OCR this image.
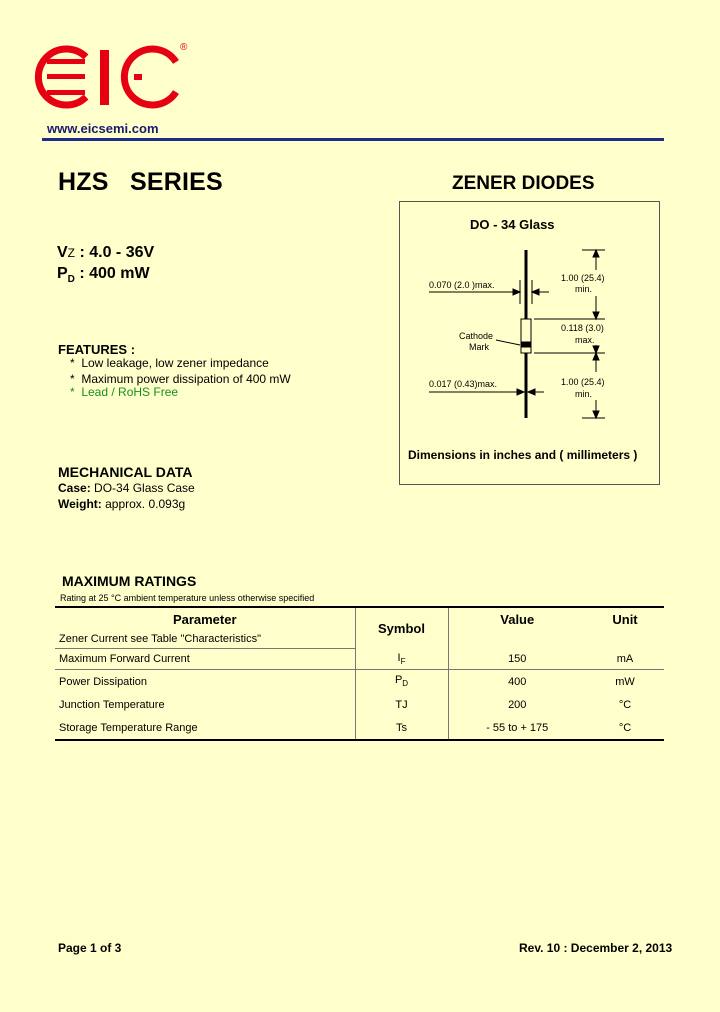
®
www.eicsemi.com
HZS   SERIES	ZENER DIODES
VZ : 4.0 - 36V
$P_D$ : 400 mW
FEATURES :
*  Low leakage, low zener impedance
*  Maximum power dissipation of 400 mW
*  Lead / RoHS Free
MECHANICAL DATA
Case: DO-34 Glass Case
Weight: approx. 0.093g
DO - 34 Glass
0.070 (2.0 )max.
1.00 (25.4)
min.
Cathode
Mark
0.118 (3.0)
max.
0.017 (0.43)max.	1.00 (25.4)
min.
Dimensions in inches and ( millimeters )
MAXIMUM RATINGS
Rating at 25 °C ambient temperature unless otherwise specified
Parameter	Symbol	Value	Unit
Zener Current see Table "Characteristics"			
Maximum Forward Current	$I_F$	150	mA
Power Dissipation	$P_D$	400	mW
Junction Temperature	TJ	200	°C
Storage Temperature Range	Ts	- 55 to + 175	°C
Page 1 of 3	Rev. 10 : December 2, 2013
